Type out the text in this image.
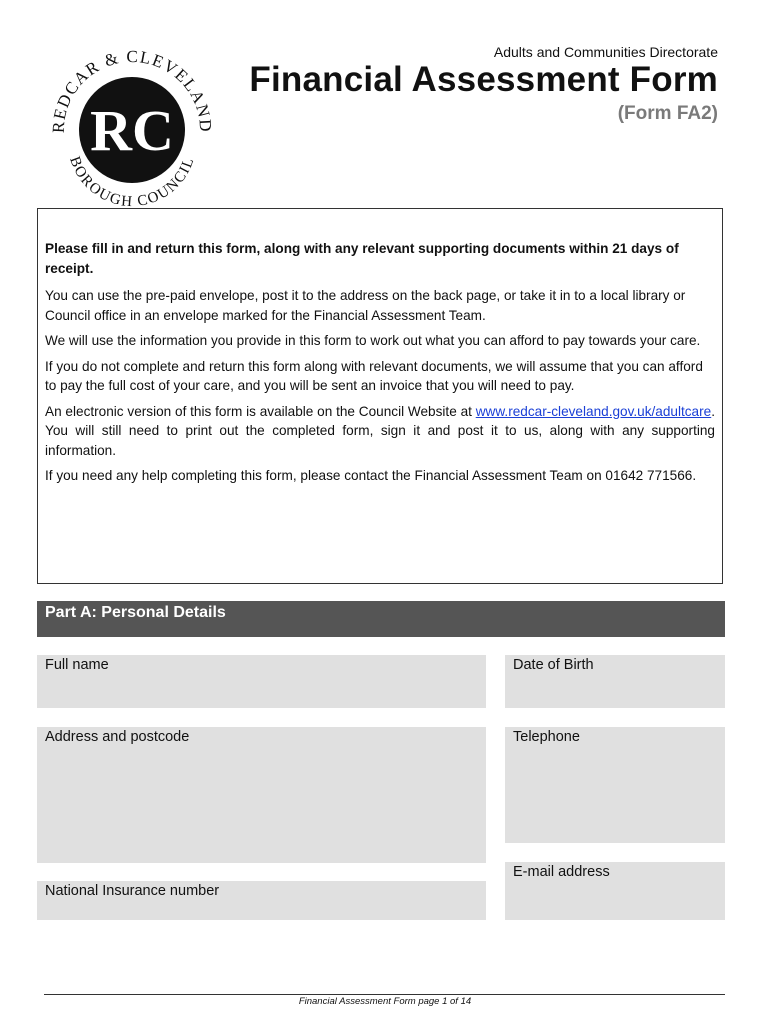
REDCAR & CLEVELAND
BOROUGH COUNCIL
RC
Adults and Communities Directorate
Financial Assessment Form
(Form FA2)

Please fill in and return this form, along with any relevant supporting documents within 21 days of receipt.

You can use the pre-paid envelope, post it to the address on the back page, or take it in to a local library or Council office in an envelope marked for the Financial Assessment Team.

We will use the information you provide in this form to work out what you can afford to pay towards your care.

If you do not complete and return this form along with relevant documents, we will assume that you can afford to pay the full cost of your care, and you will be sent an invoice that you will need to pay.

An electronic version of this form is available on the Council Website at www.redcar-cleveland.gov.uk/adultcare. You will still need to print out the completed form, sign it and post it to us, along with any supporting information.

If you need any help completing this form, please contact the Financial Assessment Team on 01642 771566.

Part A: Personal Details
Full name	Date of Birth
Address and postcode	Telephone
E-mail address
National Insurance number
Financial Assessment Form page 1 of 14
